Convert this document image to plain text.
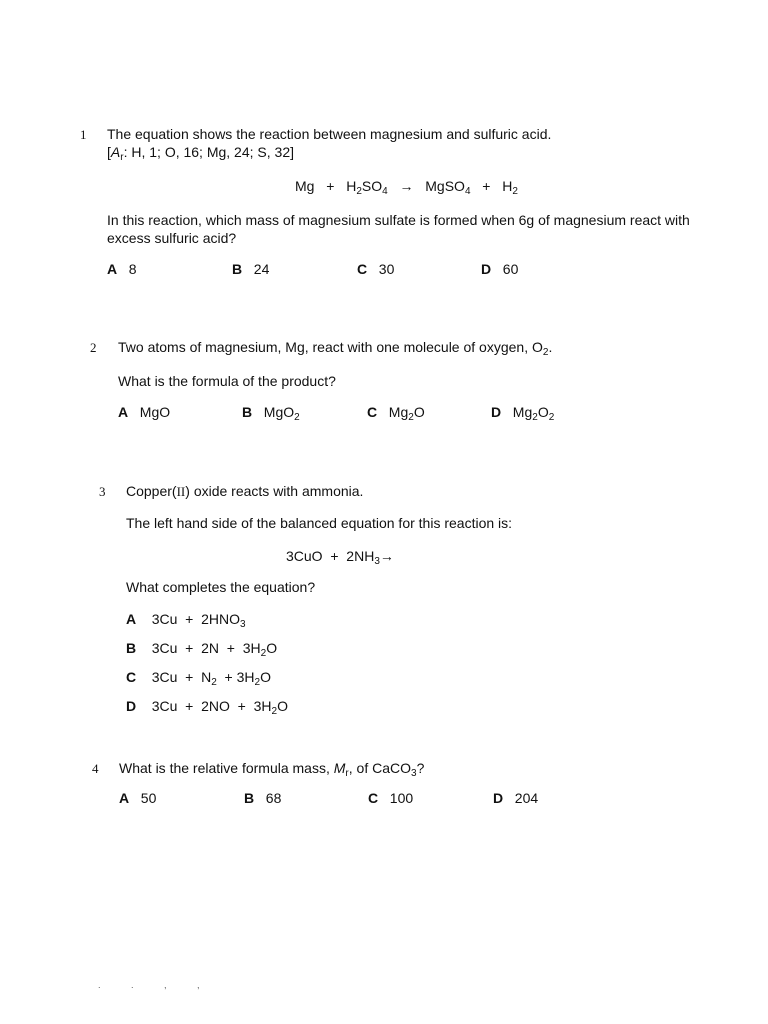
1 The equation shows the reaction between magnesium and sulfuric acid.
[$A_r$: H, 1; O, 16; Mg, 24; S, 32]
$Mg + H_2SO_4$ → MgSO$_4$ + $H_2$
In this reaction, which mass of magnesium sulfate is formed when 6g of magnesium react with
excess sulfuric acid?
A 8	B 24	C 30	D 60
2 Two atoms of magnesium, Mg, react with one molecule of oxygen, $O_2$.
What is the formula of the product?
A MgO	B MgO$_2$	C $Mg_2O$	D $Mg_2O_2$
3 Copper(II) oxide reacts with ammonia.
The left hand side of the balanced equation for this reaction is:
$3CuO + 2NH_3\to$
What completes the equation?
A $3Cu + 2HNO_3$
B $3Cu + 2N + 3H_2O$
C $3Cu + N_2 + 3H_2O$
D $3Cu + 2NO + 3H_2O$
4 What is the relative formula mass, $M_r$, of CaCO$_3$?
A 50	B 68	C 100	D 204
. . , ,
